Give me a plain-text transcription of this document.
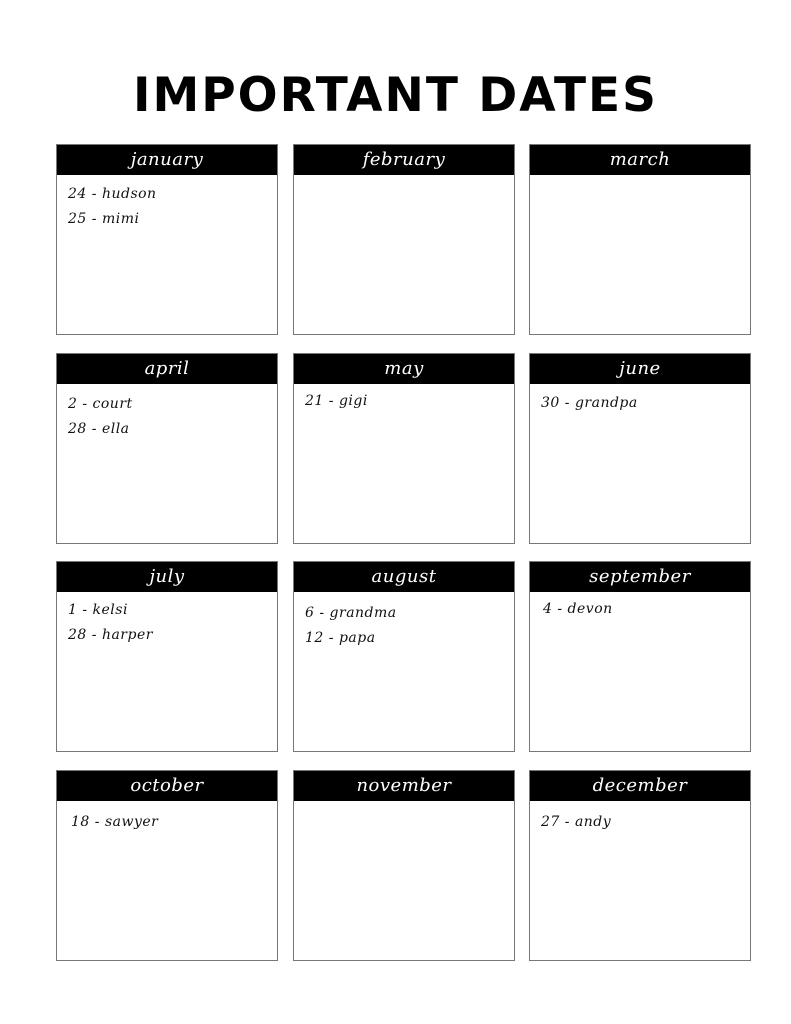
IMPORTANT DATES
january
24 - hudson
25 - mimi
february	march
april
2 - court
28 - ella
may
21 - gigi
june
30 - grandpa
july
1 - kelsi
28 - harper
august
6 - grandma
12 - papa
september
4 - devon
october
18 - sawyer
november	december
27 - andy
